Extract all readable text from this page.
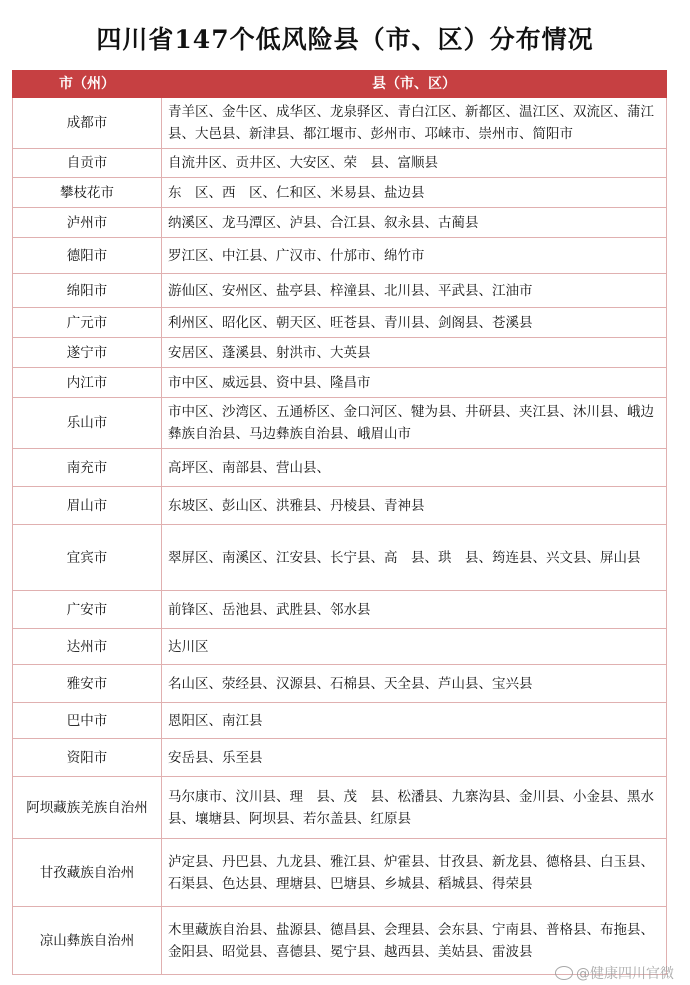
四川省147个低风险县（市、区）分布情况
市（州）	县（市、区）
成都市	青羊区、金牛区、成华区、龙泉驿区、青白江区、新都区、温江区、双流区、蒲江县、大邑县、新津县、都江堰市、彭州市、邛崃市、崇州市、简阳市
自贡市	自流井区、贡井区、大安区、荣　县、富顺县
攀枝花市	东　区、西　区、仁和区、米易县、盐边县
泸州市	纳溪区、龙马潭区、泸县、合江县、叙永县、古蔺县
德阳市	罗江区、中江县、广汉市、什邡市、绵竹市
绵阳市	游仙区、安州区、盐亭县、梓潼县、北川县、平武县、江油市
广元市	利州区、昭化区、朝天区、旺苍县、青川县、剑阁县、苍溪县
遂宁市	安居区、蓬溪县、射洪市、大英县
内江市	市中区、威远县、资中县、隆昌市
乐山市	市中区、沙湾区、五通桥区、金口河区、犍为县、井研县、夹江县、沐川县、峨边彝族自治县、马边彝族自治县、峨眉山市
南充市	高坪区、南部县、营山县、
眉山市	东坡区、彭山区、洪雅县、丹棱县、青神县
宜宾市	翠屏区、南溪区、江安县、长宁县、高　县、珙　县、筠连县、兴文县、屏山县
广安市	前锋区、岳池县、武胜县、邻水县
达州市	达川区
雅安市	名山区、荥经县、汉源县、石棉县、天全县、芦山县、宝兴县
巴中市	恩阳区、南江县
资阳市	安岳县、乐至县
阿坝藏族羌族自治州	马尔康市、汶川县、理　县、茂　县、松潘县、九寨沟县、金川县、小金县、黑水县、壤塘县、阿坝县、若尔盖县、红原县
甘孜藏族自治州	泸定县、丹巴县、九龙县、雅江县、炉霍县、甘孜县、新龙县、德格县、白玉县、石渠县、色达县、理塘县、巴塘县、乡城县、稻城县、得荣县
凉山彝族自治州	木里藏族自治县、盐源县、德昌县、会理县、会东县、宁南县、普格县、布拖县、金阳县、昭觉县、喜德县、冕宁县、越西县、美姑县、雷波县
@健康四川官微
